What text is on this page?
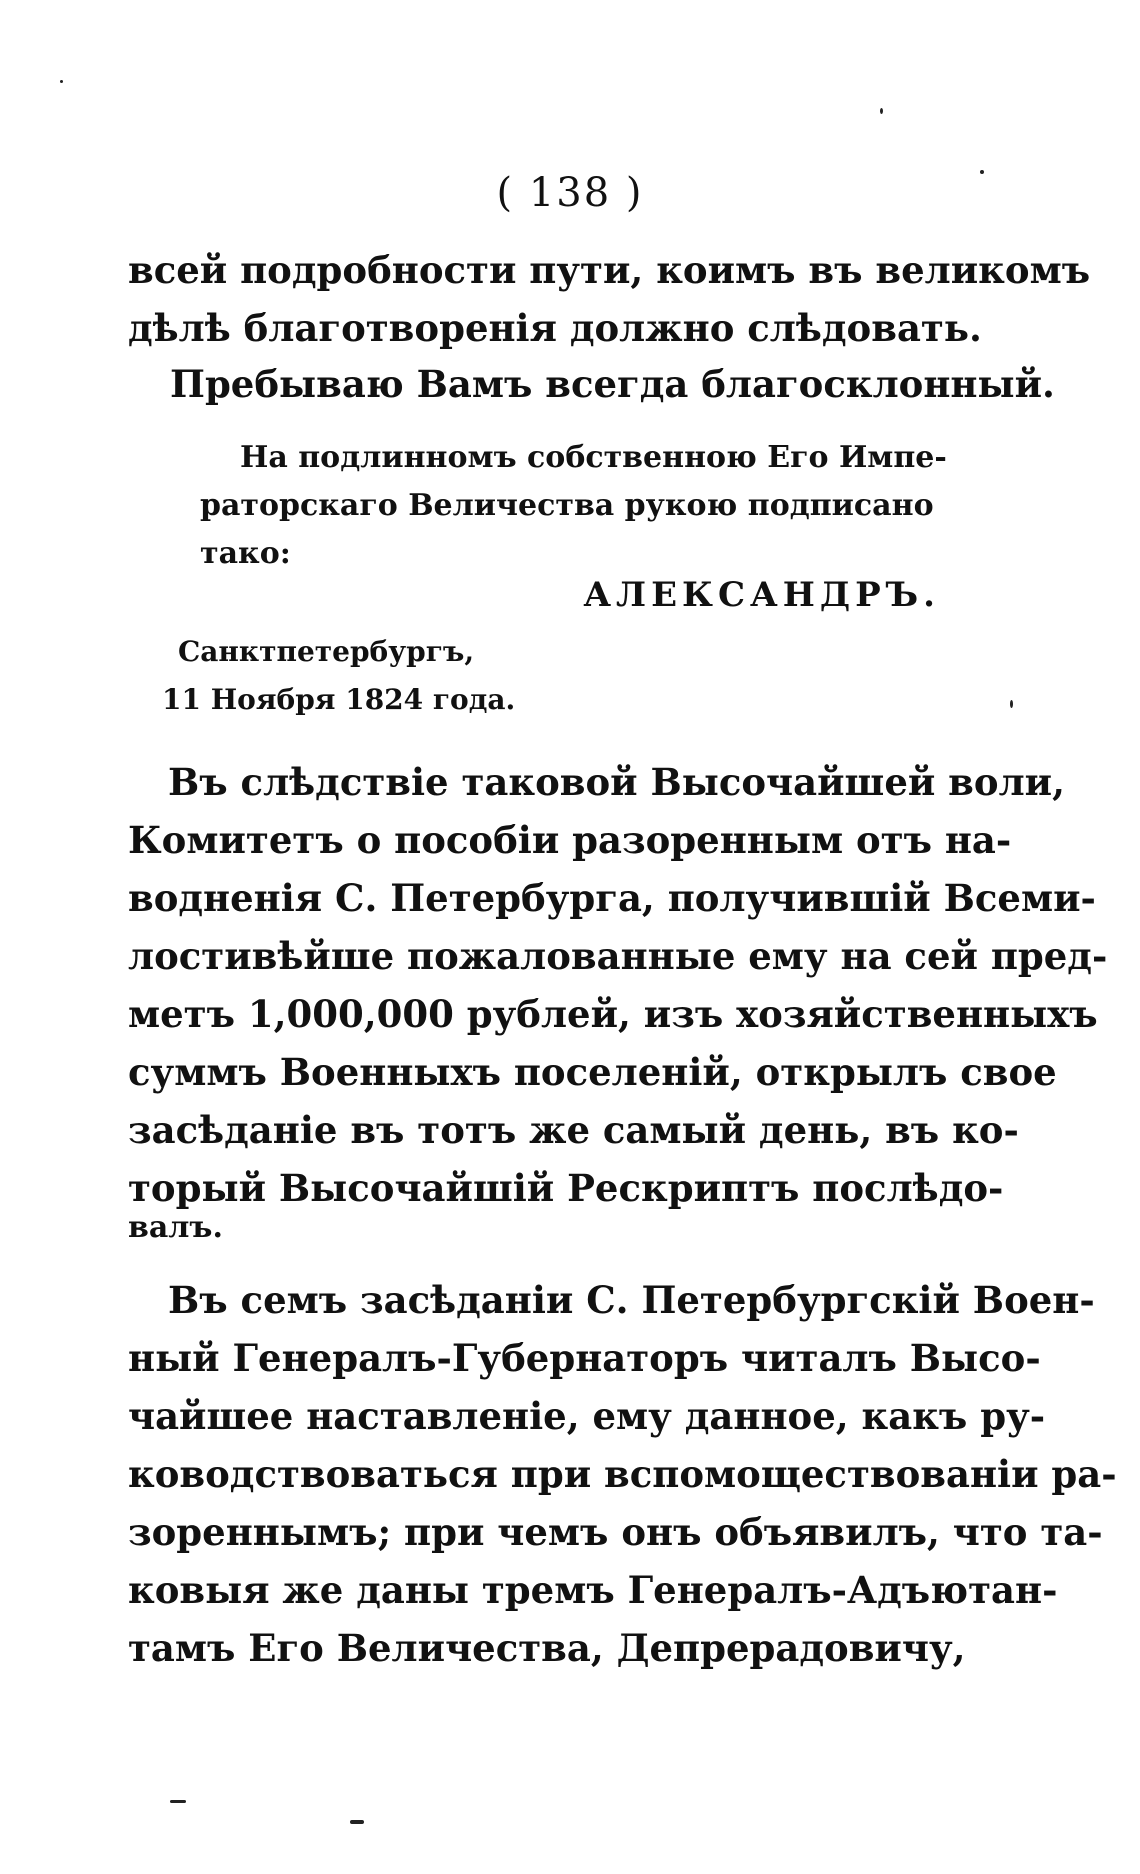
( 138 )
всей подробности пути, коимъ въ великомъ
дѣлѣ благотворенія должно слѣдовать.
Пребываю Вамъ всегда благосклонный.
На подлинномъ собственною Его Импе-
раторскаго Величества рукою подписано
тако:
АЛЕКСАНДРЪ.
Санктпетербургъ,
11 Ноября 1824 года.
Въ слѣдствіе таковой Высочайшей воли,
Комитетъ о пособіи разоренным отъ на-
водненія С. Петербурга, получившій Всеми-
лостивѣйше пожалованные ему на сей пред-
метъ 1,000,000 рублей, изъ хозяйственныхъ
суммъ Военныхъ поселеній, открылъ свое
засѣданіе въ тотъ же самый день, въ ко-
торый Высочайшій Рескриптъ послѣдо-
валъ.
Въ семъ засѣданіи С. Петербургскій Воен-
ный Генералъ-Губернаторъ читалъ Высо-
чайшее наставленіе, ему данное, какъ ру-
ководствоваться при вспомоществованіи ра-
зореннымъ; при чемъ онъ объявилъ, что та-
ковыя же даны тремъ Генералъ-Адъютан-
тамъ Его Величества, Депрерадовичу,
